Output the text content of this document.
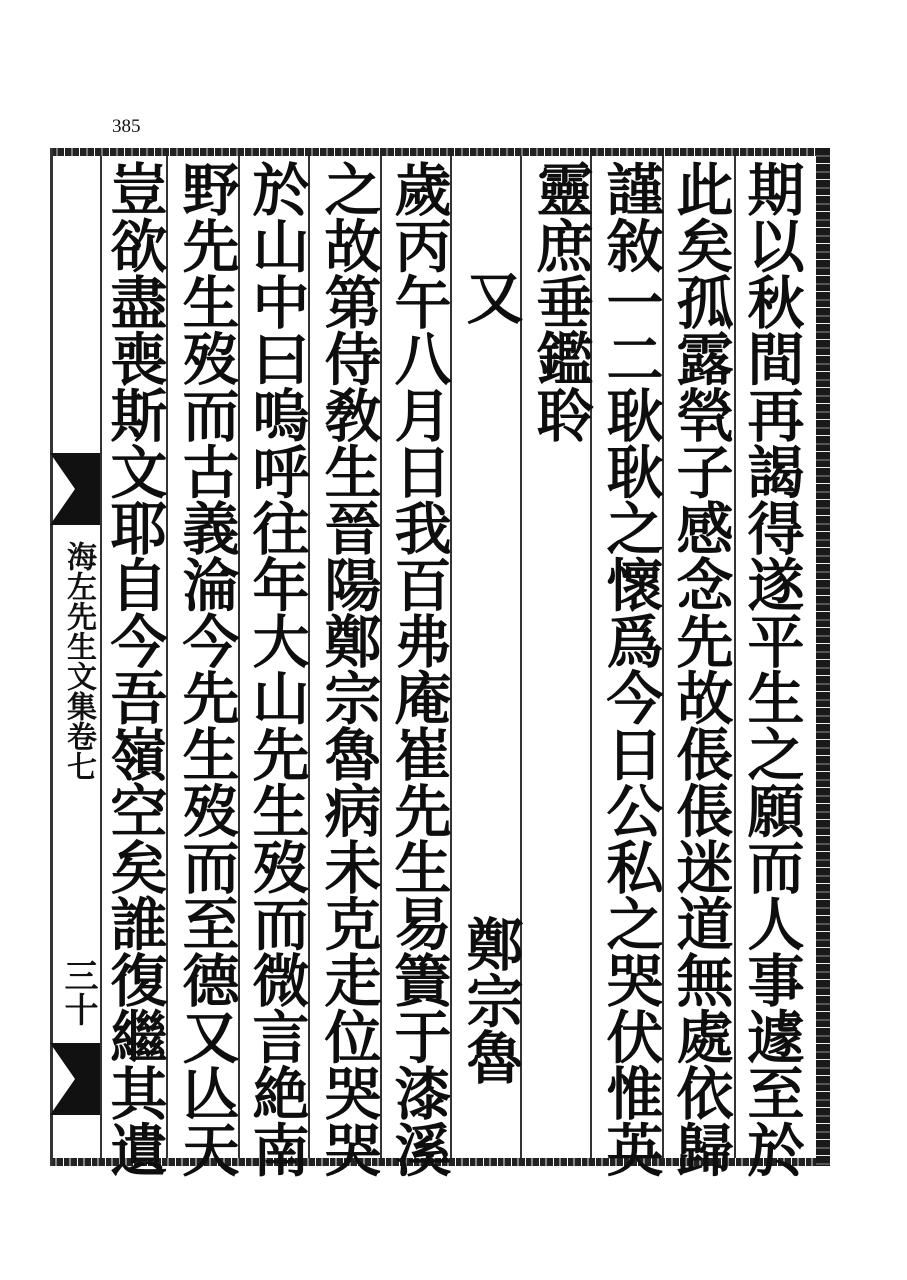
385
海左先生文集卷七
三十	期以秋間再謁得遂平生之願而人事遽至於
此矣孤露煢子感念先故倀倀迷道無處依歸
謹敘一二耿耿之懷爲今日公私之哭伏惟英
靈庶垂鑑聆
又
鄭宗魯
歲丙午八月日我百弗庵崔先生易簀于漆溪
之故第侍敎生晉陽鄭宗魯病未克走位哭哭
於山中曰嗚呼往年大山先生歿而微言絶南
野先生歿而古義淪今先生歿而至德又亾天
豈欲盡喪斯文耶自今吾嶺空矣誰復繼其遺
